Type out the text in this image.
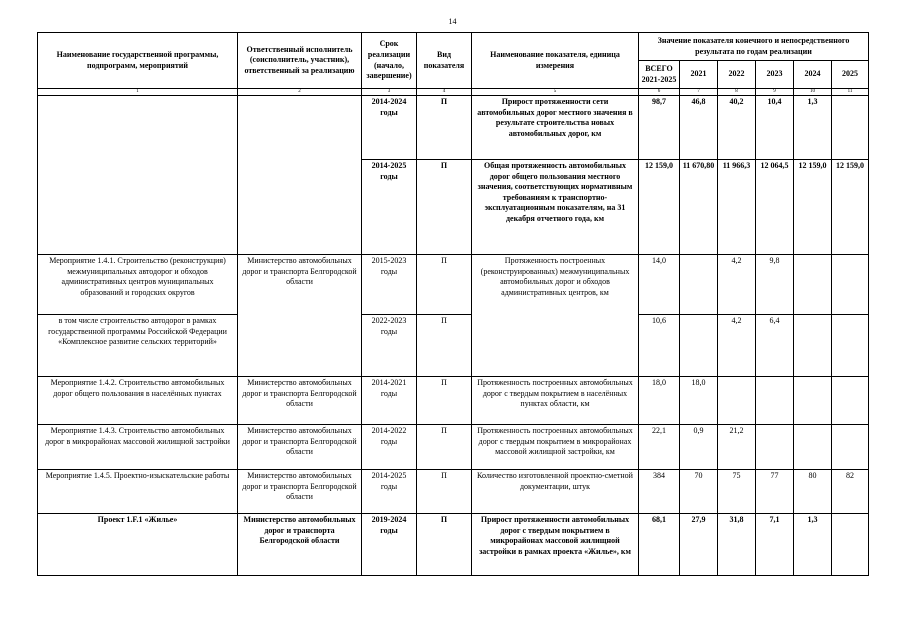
14
Наименование государственной программы, подпрограмм, мероприятий	Ответственный исполнитель (соисполнитель, участник), ответственный за реализацию	Срок реализации (начало, завершение)	Вид показателя	Наименование показателя, единица измерения	Значение показателя конечного и непосредственного результата по годам реализации					
					ВСЕГО 2021-2025	2021	2022	2023	2024	2025
1	2	3	4	5	6	7	8	9	10	11
		2014-2024 годы	П	Прирост протяженности сети автомобильных дорог местного значения в результате строительства новых автомобильных дорог, км	98,7	46,8	40,2	10,4	1,3	
		2014-2025 годы	П	Общая протяженность автомобильных дорог общего пользования местного значения, соответствующих нормативным требованиям к транспортно-эксплуатационным показателям, на 31 декабря отчетного года, км	12 159,0	11 670,80	11 966,3	12 064,5	12 159,0	12 159,0
Мероприятие 1.4.1. Строительство (реконструкция) межмуниципальных автодорог и обходов административных центров муниципальных образований и городских округов	Министерство автомобильных дорог и транспорта Белгородской области	2015-2023 годы	П	Протяженность построенных (реконструированных) межмуниципальных автомобильных дорог и обходов административных центров, км	14,0		4,2	9,8		
в том числе строительство автодорог в рамках государственной программы Российской Федерации «Комплексное развитие сельских территорий»		2022-2023 годы	П		10,6		4,2	6,4		
Мероприятие 1.4.2. Строительство автомобильных дорог общего пользования в населённых пунктах	Министерство автомобильных дорог и транспорта Белгородской области	2014-2021 годы	П	Протяженность построенных автомобильных дорог с твердым покрытием в населённых пунктах области, км	18,0	18,0				
Мероприятие 1.4.3. Строительство автомобильных дорог в микрорайонах массовой жилищной застройки	Министерство автомобильных дорог и транспорта Белгородской области	2014-2022 годы	П	Протяженность построенных автомобильных дорог с твердым покрытием в микрорайонах массовой жилищной застройки, км	22,1	0,9	21,2			
Мероприятие 1.4.5. Проектно-изыскательские работы	Министерство автомобильных дорог и транспорта Белгородской области	2014-2025 годы	П	Количество изготовленной проектно-сметной документации, штук	384	70	75	77	80	82
Проект 1.F.1 «Жилье»	Министерство автомобильных дорог и транспорта Белгородской области	2019-2024 годы	П	Прирост протяженности автомобильных дорог с твердым покрытием в микрорайонах массовой жилищной застройки в рамках проекта «Жилье», км	68,1	27,9	31,8	7,1	1,3	
